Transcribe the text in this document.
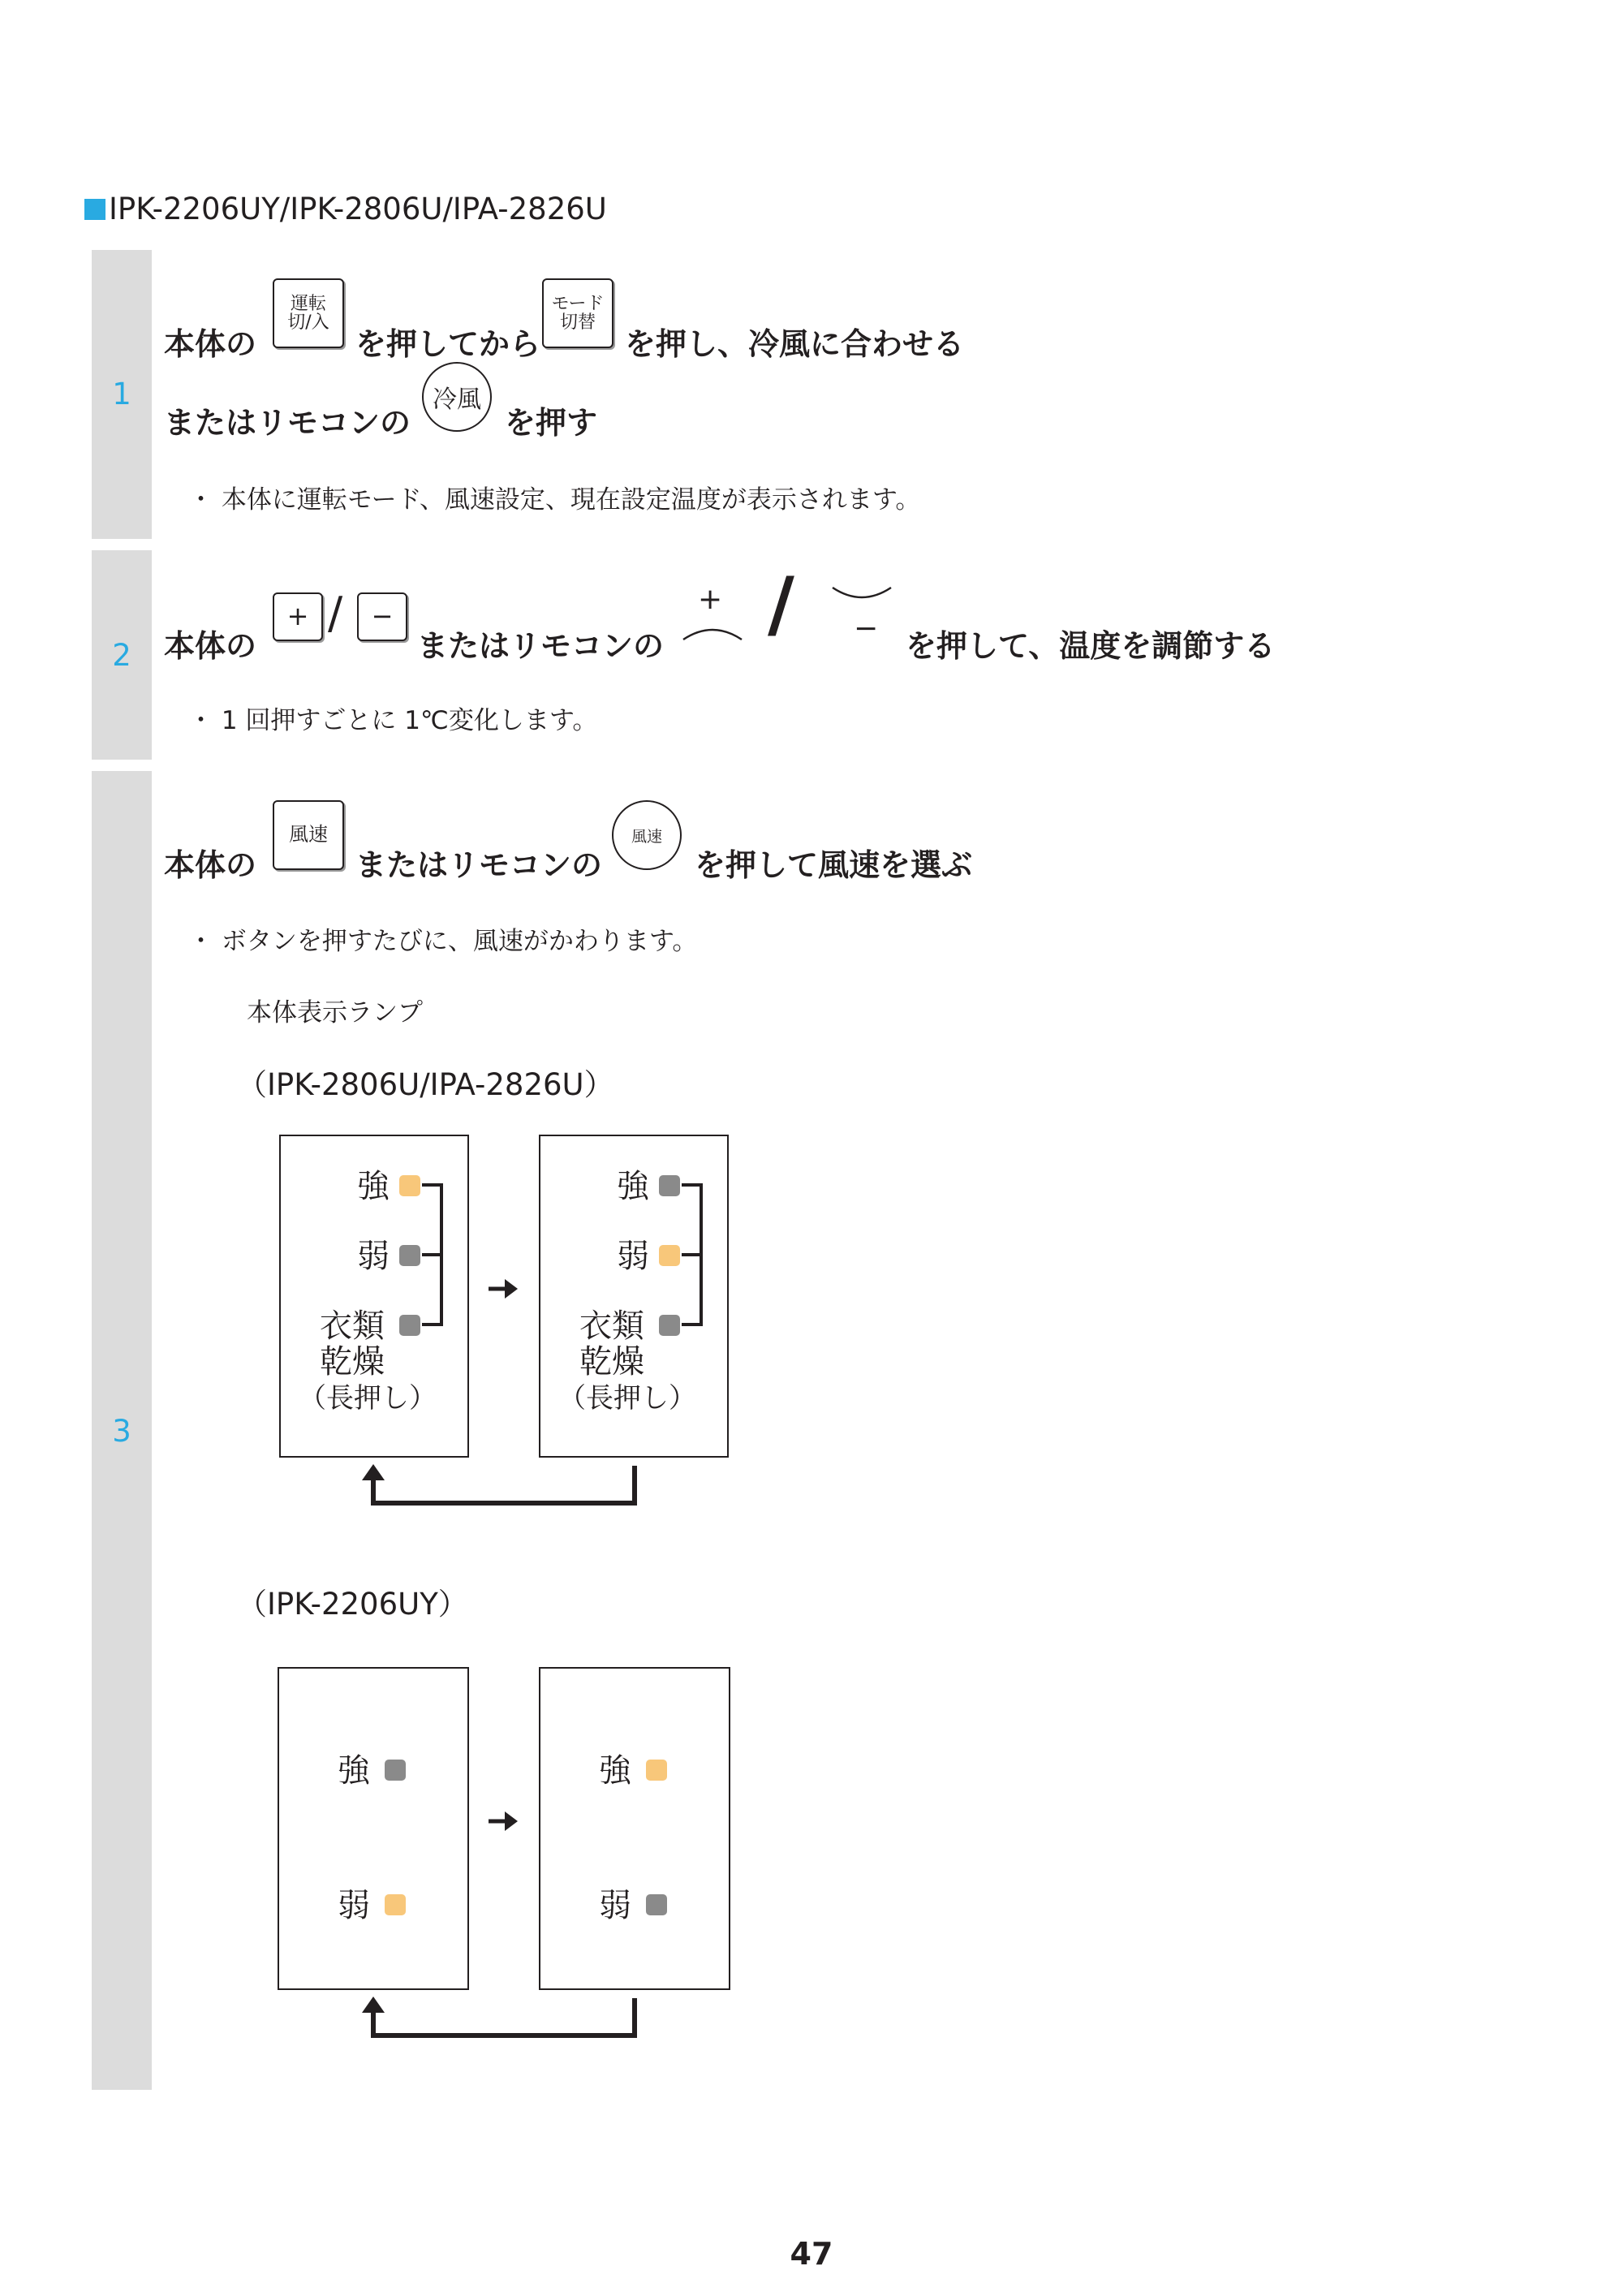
IPK-2206UY/IPK-2806U/IPA-2826U
1
2
3
本体の
運転
切/入
を押してから
モード
切替
を押し、冷風に合わせる
またはリモコンの
冷風
を押す
・ 本体に運転モード、風速設定、現在設定温度が表示されます。
本体の
+ / −
またはリモコンの
+ / − を押して、温度を調節する
・ 1 回押すごとに 1℃変化します。
本体の
風速
またはリモコンの
風速
を押して風速を選ぶ
・ ボタンを押すたびに、風速がかわります。
本体表示ランプ
（IPK-2806U/IPA-2826U）
強
弱
衣類
乾燥
（長押し）
強
弱
衣類
乾燥
（長押し）
（IPK-2206UY）
強
弱
強
弱
47
